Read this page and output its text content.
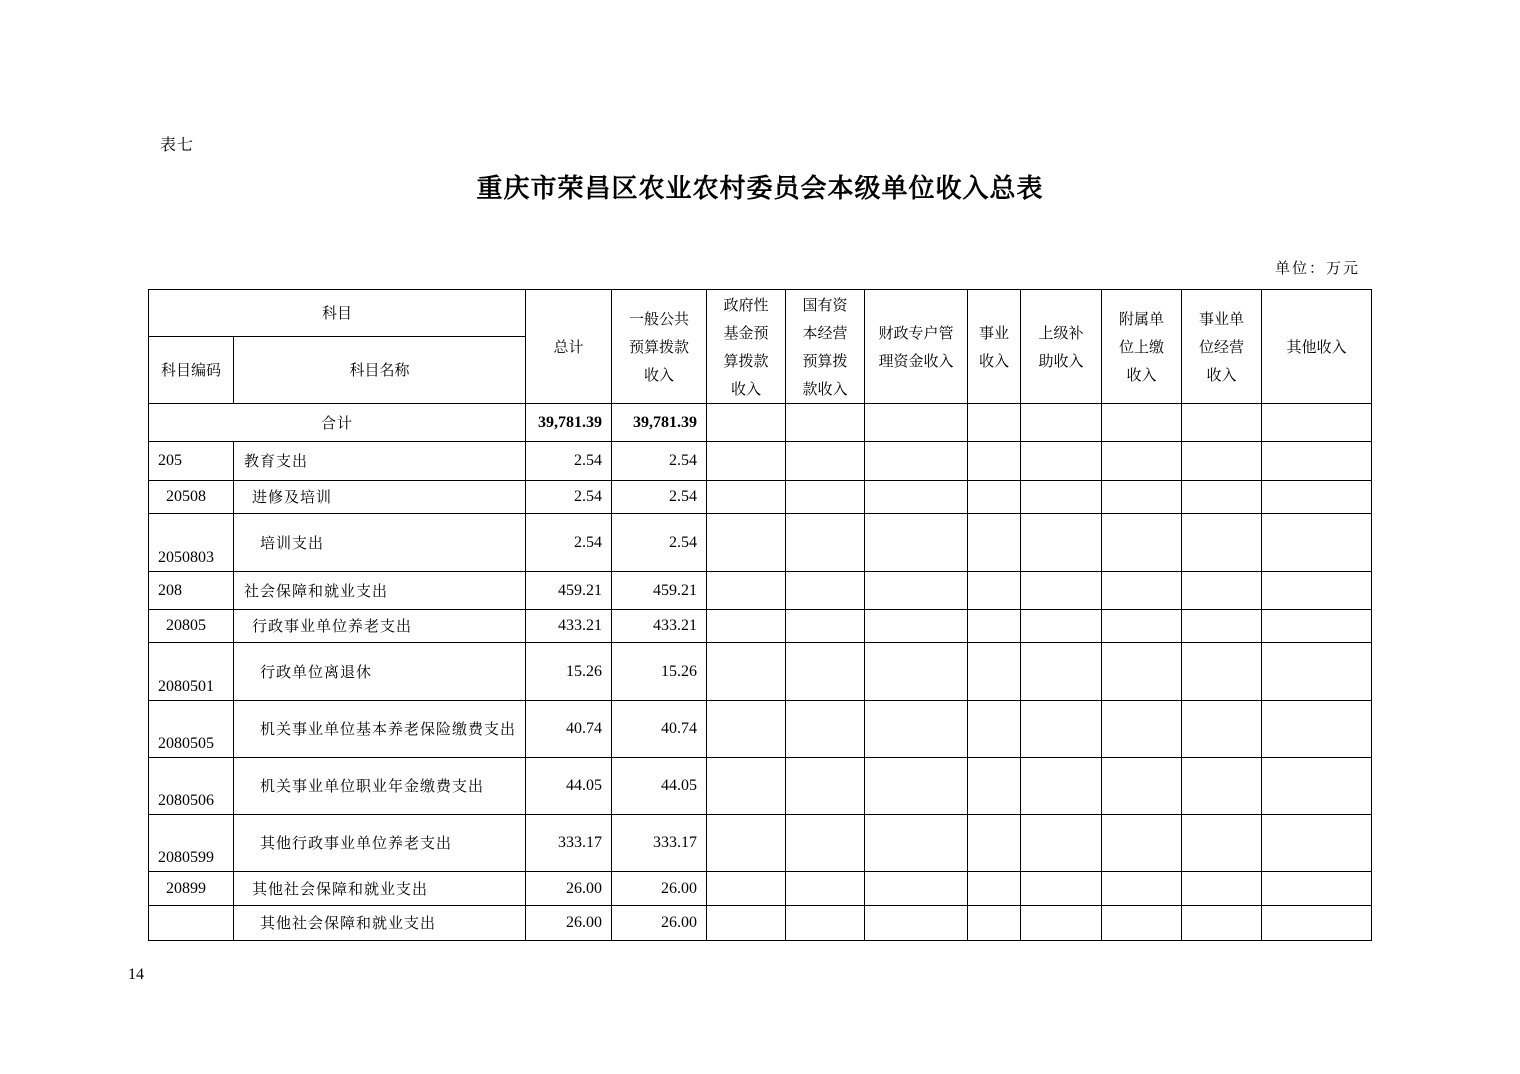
表七
重庆市荣昌区农业农村委员会本级单位收入总表
单位：万元
科目		总计	一般公共预算拨款收入	政府性基金预算拨款收入	国有资本经营预算拨款收入	财政专户管理资金收入	事业收入	上级补助收入	附属单位上缴收入	事业单位经营收入	其他收入
科目编码	科目名称										
合计		39,781.39	39,781.39								
205	教育支出	2.54	2.54								
20508	进修及培训	2.54	2.54								
2050803	培训支出	2.54	2.54								
208	社会保障和就业支出	459.21	459.21								
20805	行政事业单位养老支出	433.21	433.21								
2080501	行政单位离退休	15.26	15.26								
2080505	机关事业单位基本养老保险缴费支出	40.74	40.74								
2080506	机关事业单位职业年金缴费支出	44.05	44.05								
2080599	其他行政事业单位养老支出	333.17	333.17								
20899	其他社会保障和就业支出	26.00	26.00								
	其他社会保障和就业支出	26.00	26.00								
14
